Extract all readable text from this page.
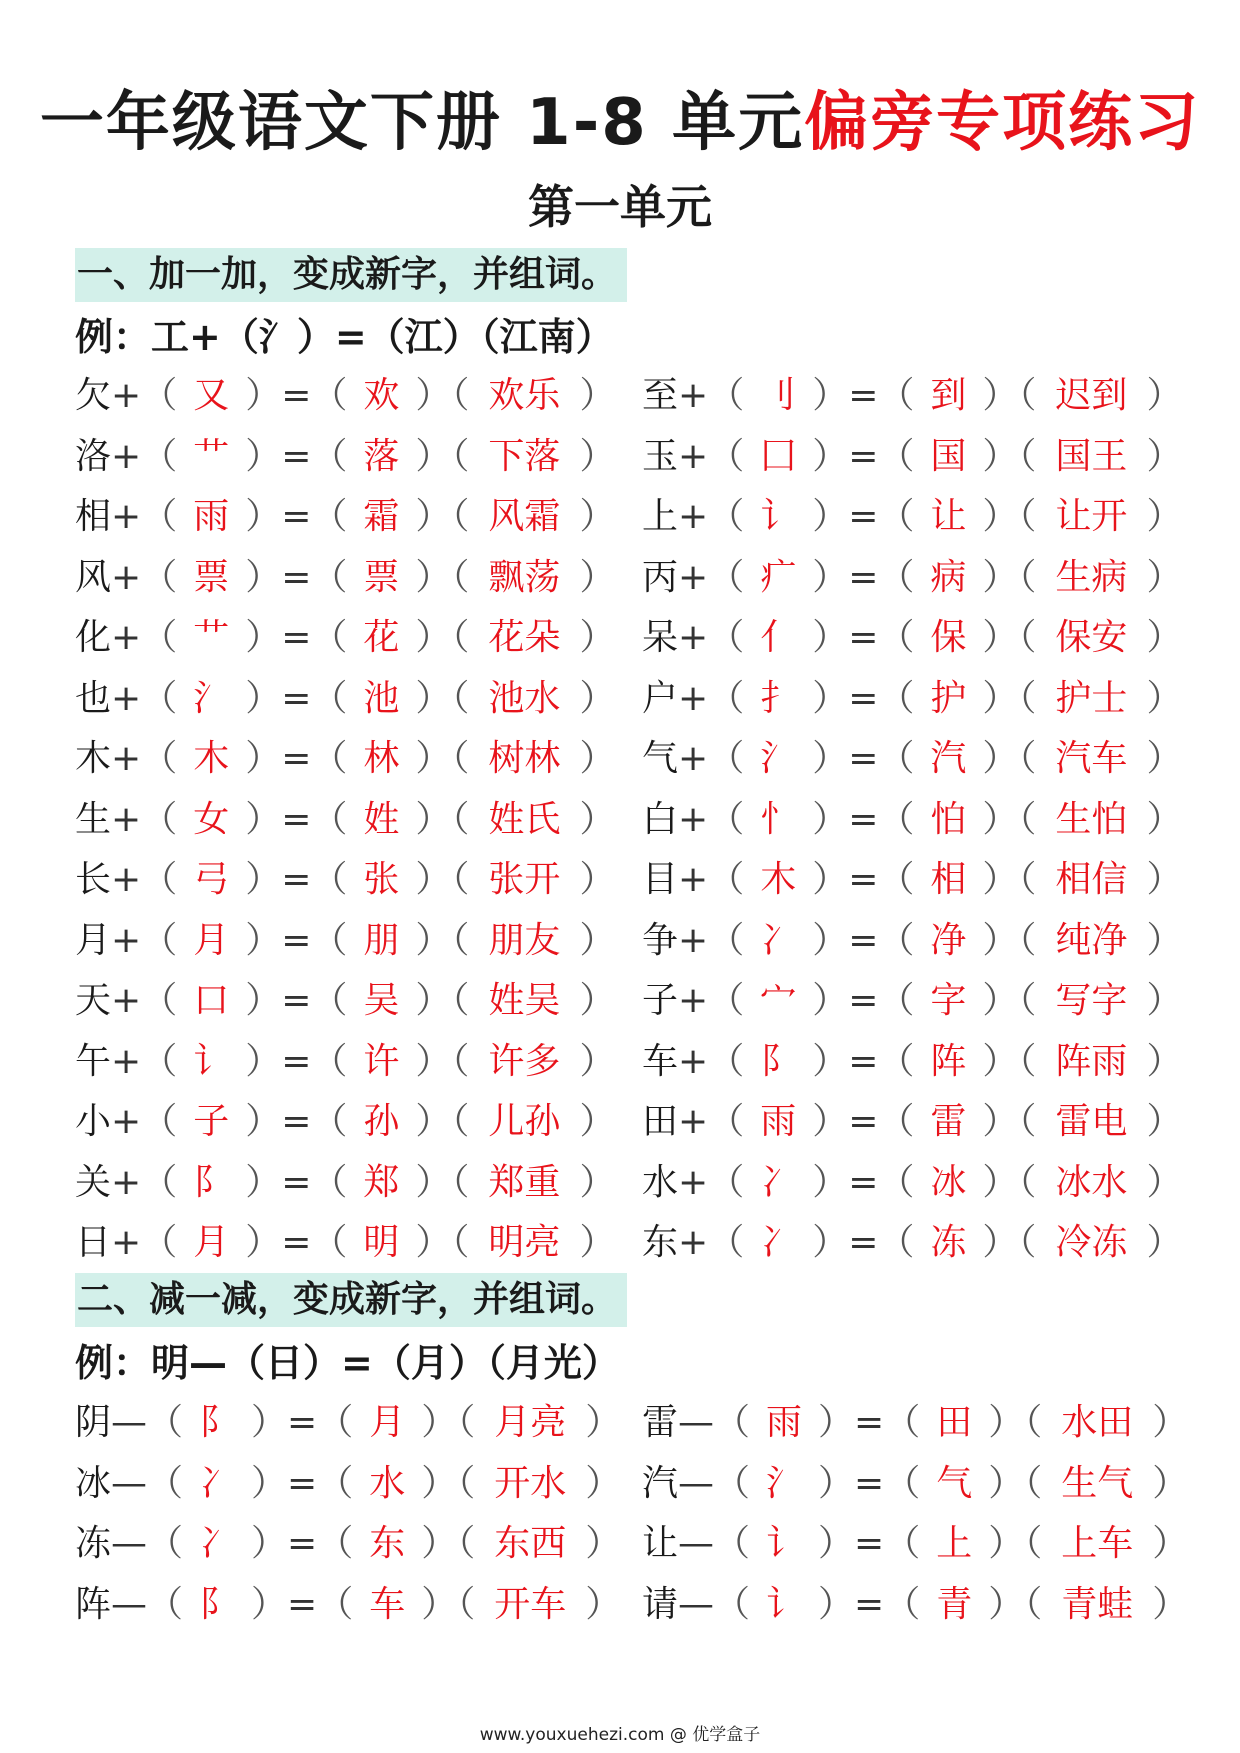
一年级语文下册 1-8 单元偏旁专项练习
第一单元
一、加一加，变成新字，并组词。
例：工+（氵）=（江）（江南）
欠+（ 又 ）=（ 欢 ）（ 欢乐 ） 至+（ 刂 ）=（ 到 ）（ 迟到 ）
洛+（ 艹 ）=（ 落 ）（ 下落 ） 玉+（ 囗 ）=（ 国 ）（ 国王 ）
相+（ 雨 ）=（ 霜 ）（ 风霜 ） 上+（ 讠 ）=（ 让 ）（ 让开 ）
风+（ 票 ）=（ 票 ）（ 飘荡 ） 丙+（ 疒 ）=（ 病 ）（ 生病 ）
化+（ 艹 ）=（ 花 ）（ 花朵 ） 呆+（ 亻 ）=（ 保 ）（ 保安 ）
也+（ 氵 ）=（ 池 ）（ 池水 ） 户+（ 扌 ）=（ 护 ）（ 护士 ）
木+（ 木 ）=（ 林 ）（ 树林 ） 气+（ 氵 ）=（ 汽 ）（ 汽车 ）
生+（ 女 ）=（ 姓 ）（ 姓氏 ） 白+（ 忄 ）=（ 怕 ）（ 生怕 ）
长+（ 弓 ）=（ 张 ）（ 张开 ） 目+（ 木 ）=（ 相 ）（ 相信 ）
月+（ 月 ）=（ 朋 ）（ 朋友 ） 争+（ 冫 ）=（ 净 ）（ 纯净 ）
天+（ 口 ）=（ 吴 ）（ 姓吴 ） 子+（ 宀 ）=（ 字 ）（ 写字 ）
午+（ 讠 ）=（ 许 ）（ 许多 ） 车+（ 阝 ）=（ 阵 ）（ 阵雨 ）
小+（ 子 ）=（ 孙 ）（ 儿孙 ） 田+（ 雨 ）=（ 雷 ）（ 雷电 ）
关+（ 阝 ）=（ 郑 ）（ 郑重 ） 水+（ 冫 ）=（ 冰 ）（ 冰水 ）
日+（ 月 ）=（ 明 ）（ 明亮 ） 东+（ 冫 ）=（ 冻 ）（ 冷冻 ）
二、减一减，变成新字，并组词。
例：明—（日）=（月）（月光）
阴—（ 阝 ）=（ 月 ）（ 月亮 ） 雷—（ 雨 ）=（ 田 ）（ 水田 ）
冰—（ 冫 ）=（ 水 ）（ 开水 ） 汽—（ 氵 ）=（ 气 ）（ 生气 ）
冻—（ 冫 ）=（ 东 ）（ 东西 ） 让—（ 讠 ）=（ 上 ）（ 上车 ）
阵—（ 阝 ）=（ 车 ）（ 开车 ） 请—（ 讠 ）=（ 青 ）（ 青蛙 ）
www.youxuehezi.com @ 优学盒子
